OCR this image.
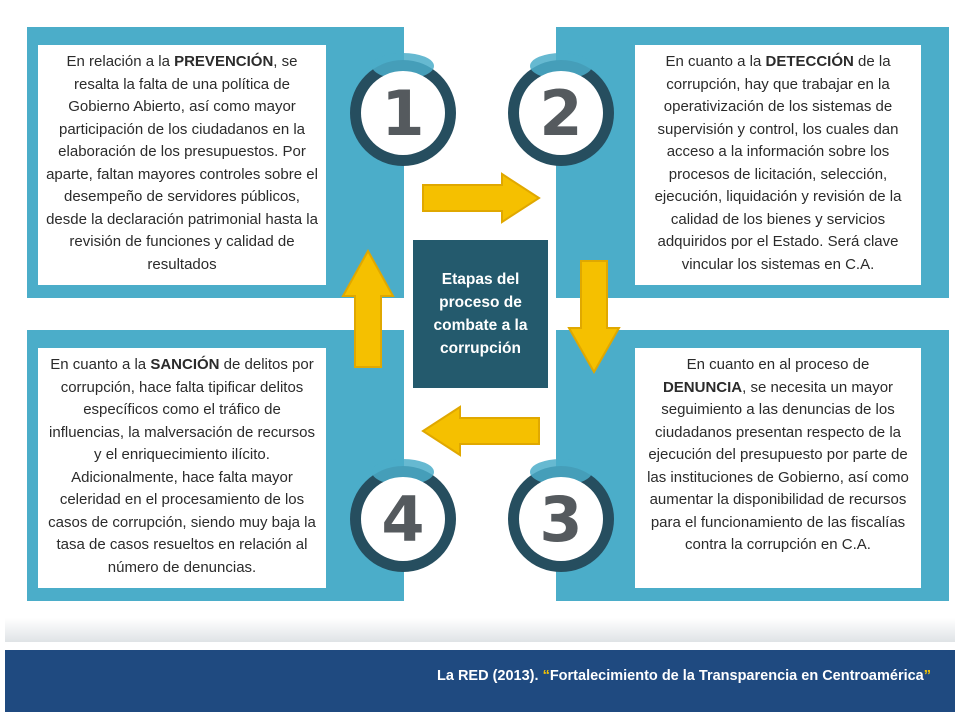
En relación a la PREVENCIÓN, se resalta la falta de una política de Gobierno Abierto, así como mayor participación de los ciudadanos en la elaboración de los presupuestos. Por aparte, faltan mayores controles sobre el desempeño de servidores públicos, desde la declaración patrimonial hasta la revisión de funciones y calidad de resultados
En cuanto a la DETECCIÓN de la corrupción, hay que trabajar en la operativización de los sistemas de supervisión y control, los cuales dan acceso a la información sobre los procesos de licitación, selección, ejecución, liquidación y revisión de la calidad de los bienes y servicios adquiridos por el Estado. Será clave vincular los sistemas en C.A.
En cuanto en al proceso de DENUNCIA, se necesita un mayor seguimiento a las denuncias de los ciudadanos presentan respecto de la ejecución del presupuesto por parte de las instituciones de Gobierno, así como aumentar la disponibilidad de recursos para el funcionamiento de las fiscalías contra la corrupción en C.A.
En cuanto a la SANCIÓN de delitos por corrupción, hace falta tipificar delitos específicos como el tráfico de influencias, la malversación de recursos y el enriquecimiento ilícito. Adicionalmente, hace falta mayor celeridad en el procesamiento de los casos de corrupción, siendo muy baja la tasa de casos resueltos en relación al número de denuncias.
1	2
3
4
Etapas del proceso de combate a la corrupción
La RED (2013). “Fortalecimiento de la Transparencia en Centroamérica”
